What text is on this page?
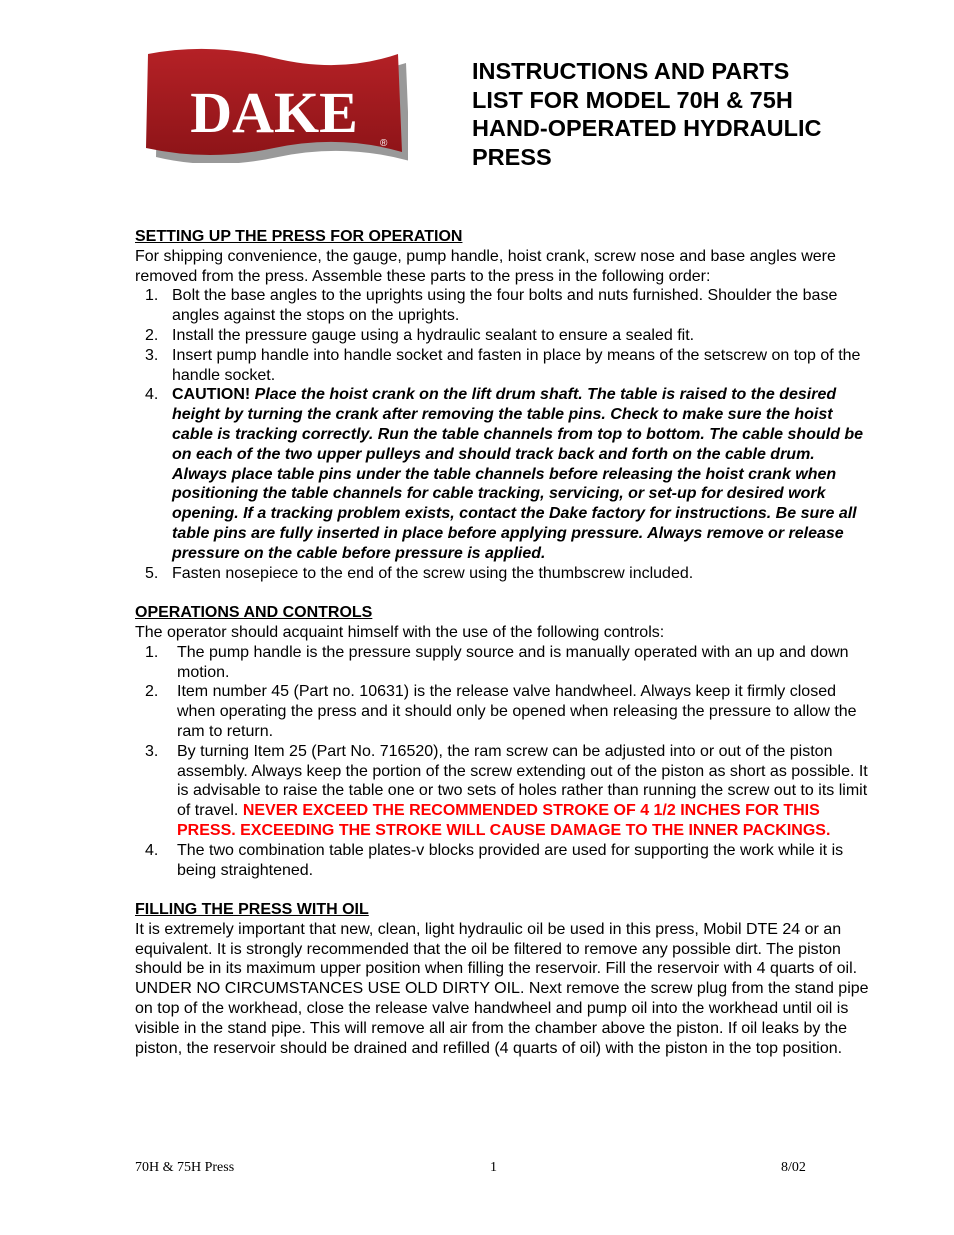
DAKE ®
INSTRUCTIONS AND PARTS
LIST FOR MODEL 70H & 75H
HAND-OPERATED HYDRAULIC
PRESS

SETTING UP THE PRESS FOR OPERATION

For shipping convenience, the gauge, pump handle, hoist crank, screw nose and base angles were removed from the press. Assemble these parts to the press in the following order:

1. Bolt the base angles to the uprights using the four bolts and nuts furnished. Shoulder the base angles against the stops on the uprights.
2. Install the pressure gauge using a hydraulic sealant to ensure a sealed fit.
3. Insert pump handle into handle socket and fasten in place by means of the setscrew on top of the handle socket.
4. CAUTION! Place the hoist crank on the lift drum shaft. The table is raised to the desired height by turning the crank after removing the table pins. Check to make sure the hoist cable is tracking correctly. Run the table channels from top to bottom. The cable should be on each of the two upper pulleys and should track back and forth on the cable drum. Always place table pins under the table channels before releasing the hoist crank when positioning the table channels for cable tracking, servicing, or set-up for desired work opening. If a tracking problem exists, contact the Dake factory for instructions. Be sure all table pins are fully inserted in place before applying pressure. Always remove or release pressure on the cable before pressure is applied.
5. Fasten nosepiece to the end of the screw using the thumbscrew included.

OPERATIONS AND CONTROLS

The operator should acquaint himself with the use of the following controls:

1. The pump handle is the pressure supply source and is manually operated with an up and down motion.
2. Item number 45 (Part no. 10631) is the release valve handwheel. Always keep it firmly closed when operating the press and it should only be opened when releasing the pressure to allow the ram to return.
3. By turning Item 25 (Part No. 716520), the ram screw can be adjusted into or out of the piston assembly. Always keep the portion of the screw extending out of the piston as short as possible. It is advisable to raise the table one or two sets of holes rather than running the screw out to its limit of travel. NEVER EXCEED THE RECOMMENDED STROKE OF 4 1/2 INCHES FOR THIS PRESS. EXCEEDING THE STROKE WILL CAUSE DAMAGE TO THE INNER PACKINGS.
4. The two combination table plates-v blocks provided are used for supporting the work while it is being straightened.

FILLING THE PRESS WITH OIL

It is extremely important that new, clean, light hydraulic oil be used in this press, Mobil DTE 24 or an equivalent. It is strongly recommended that the oil be filtered to remove any possible dirt. The piston should be in its maximum upper position when filling the reservoir. Fill the reservoir with 4 quarts of oil. UNDER NO CIRCUMSTANCES USE OLD DIRTY OIL. Next remove the screw plug from the stand pipe on top of the workhead, close the release valve handwheel and pump oil into the workhead until oil is visible in the stand pipe. This will remove all air from the chamber above the piston. If oil leaks by the piston, the reservoir should be drained and refilled (4 quarts of oil) with the piston in the top position.

70H & 75H Press	1	8/02
